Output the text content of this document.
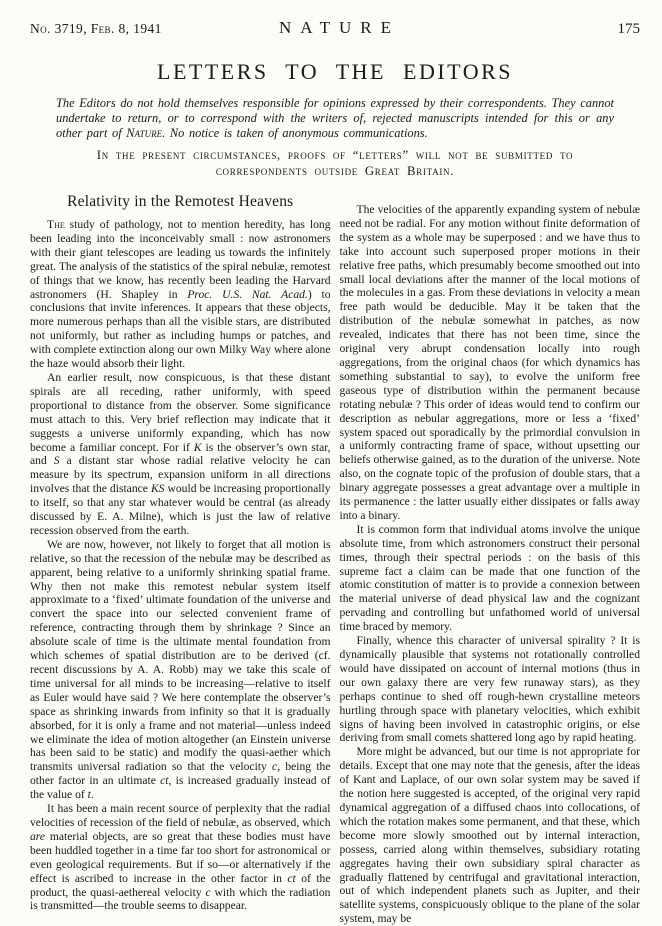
No. 3719, Feb. 8, 1941	NATURE	175
LETTERS TO THE EDITORS

The Editors do not hold themselves responsible for opinions expressed by their correspondents. They cannot undertake to return, or to correspond with the writers of, rejected manuscripts intended for this or any other part of Nature. No notice is taken of anonymous communications.

In the present circumstances, proofs of “letters” will not be submitted to
correspondents outside Great Britain.
Relativity in the Remotest Heavens

The study of pathology, not to mention heredity, has long been leading into the inconceivably small : now astronomers with their giant telescopes are leading us towards the infinitely great. The analysis of the statistics of the spiral nebulæ, remotest of things that we know, has recently been leading the Harvard astronomers (H. Shapley in Proc. U.S. Nat. Acad.) to conclusions that invite inferences. It appears that these objects, more numerous perhaps than all the visible stars, are distributed not uniformly, but rather as including humps or patches, and with complete extinction along our own Milky Way where alone the haze would absorb their light.

An earlier result, now conspicuous, is that these distant spirals are all receding, rather uniformly, with speed proportional to distance from the observer. Some significance must attach to this. Very brief reflection may indicate that it suggests a universe uniformly expanding, which has now become a familiar concept. For if K is the observer’s own star, and S a distant star whose radial relative velocity he can measure by its spectrum, expansion uniform in all directions involves that the distance KS would be increasing proportionally to itself, so that any star whatever would be central (as already discussed by E. A. Milne), which is just the law of relative recession observed from the earth.

We are now, however, not likely to forget that all motion is relative, so that the recession of the nebulæ may be described as apparent, being relative to a uniformly shrinking spatial frame. Why then not make this remotest nebular system itself approximate to a ‘fixed’ ultimate foundation of the universe and convert the space into our selected convenient frame of reference, contracting through them by shrinkage ? Since an absolute scale of time is the ultimate mental foundation from which schemes of spatial distribution are to be derived (cf. recent discussions by A. A. Robb) may we take this scale of time universal for all minds to be increasing—relative to itself as Euler would have said ? We here contemplate the observer’s space as shrinking inwards from infinity so that it is gradually absorbed, for it is only a frame and not material—unless indeed we eliminate the idea of motion altogether (an Einstein universe has been said to be static) and modify the quasi-aether which transmits universal radiation so that the velocity c, being the other factor in an ultimate ct, is increased gradually instead of the value of t.

It has been a main recent source of perplexity that the radial velocities of recession of the field of nebulæ, as observed, which are material objects, are so great that these bodies must have been huddled together in a time far too short for astronomical or even geological requirements. But if so—or alternatively if the effect is ascribed to increase in the other factor in ct of the product, the quasi-aethereal velocity c with which the radiation is transmitted—the trouble seems to disappear.

The velocities of the apparently expanding system of nebulæ need not be radial. For any motion without finite deformation of the system as a whole may be superposed : and we have thus to take into account such superposed proper motions in their relative free paths, which presumably become smoothed out into small local deviations after the manner of the local motions of the molecules in a gas. From these deviations in velocity a mean free path would be deducible. May it be taken that the distribution of the nebulæ somewhat in patches, as now revealed, indicates that there has not been time, since the original very abrupt condensation locally into rough aggregations, from the original chaos (for which dynamics has something substantial to say), to evolve the uniform free gaseous type of distribution within the permanent because rotating nebulæ ? This order of ideas would tend to confirm our description as nebular aggregations, more or less a ‘fixed’ system spaced out sporadically by the primordial convulsion in a uniformly contracting frame of space, without upsetting our beliefs otherwise gained, as to the duration of the universe. Note also, on the cognate topic of the profusion of double stars, that a binary aggregate possesses a great advantage over a multiple in its permanence : the latter usually either dissipates or falls away into a binary.

It is common form that individual atoms involve the unique absolute time, from which astronomers construct their personal times, through their spectral periods : on the basis of this supreme fact a claim can be made that one function of the atomic constitution of matter is to provide a connexion between the material universe of dead physical law and the cognizant pervading and controlling but unfathomed world of universal time braced by memory.

Finally, whence this character of universal spirality ? It is dynamically plausible that systems not rotationally controlled would have dissipated on account of internal motions (thus in our own galaxy there are very few runaway stars), as they perhaps continue to shed off rough-hewn crystalline meteors hurtling through space with planetary velocities, which exhibit signs of having been involved in catastrophic origins, or else deriving from small comets shattered long ago by rapid heating.

More might be advanced, but our time is not appropriate for details. Except that one may note that the genesis, after the ideas of Kant and Laplace, of our own solar system may be saved if the notion here suggested is accepted, of the original very rapid dynamical aggregation of a diffused chaos into collocations, of which the rotation makes some permanent, and that these, which become more slowly smoothed out by internal interaction, possess, carried along within themselves, subsidiary rotating aggregates having their own subsidiary spiral character as gradually flattened by centrifugal and gravitational interaction, out of which independent planets such as Jupiter, and their satellite systems, conspicuously oblique to the plane of the solar system, may be
